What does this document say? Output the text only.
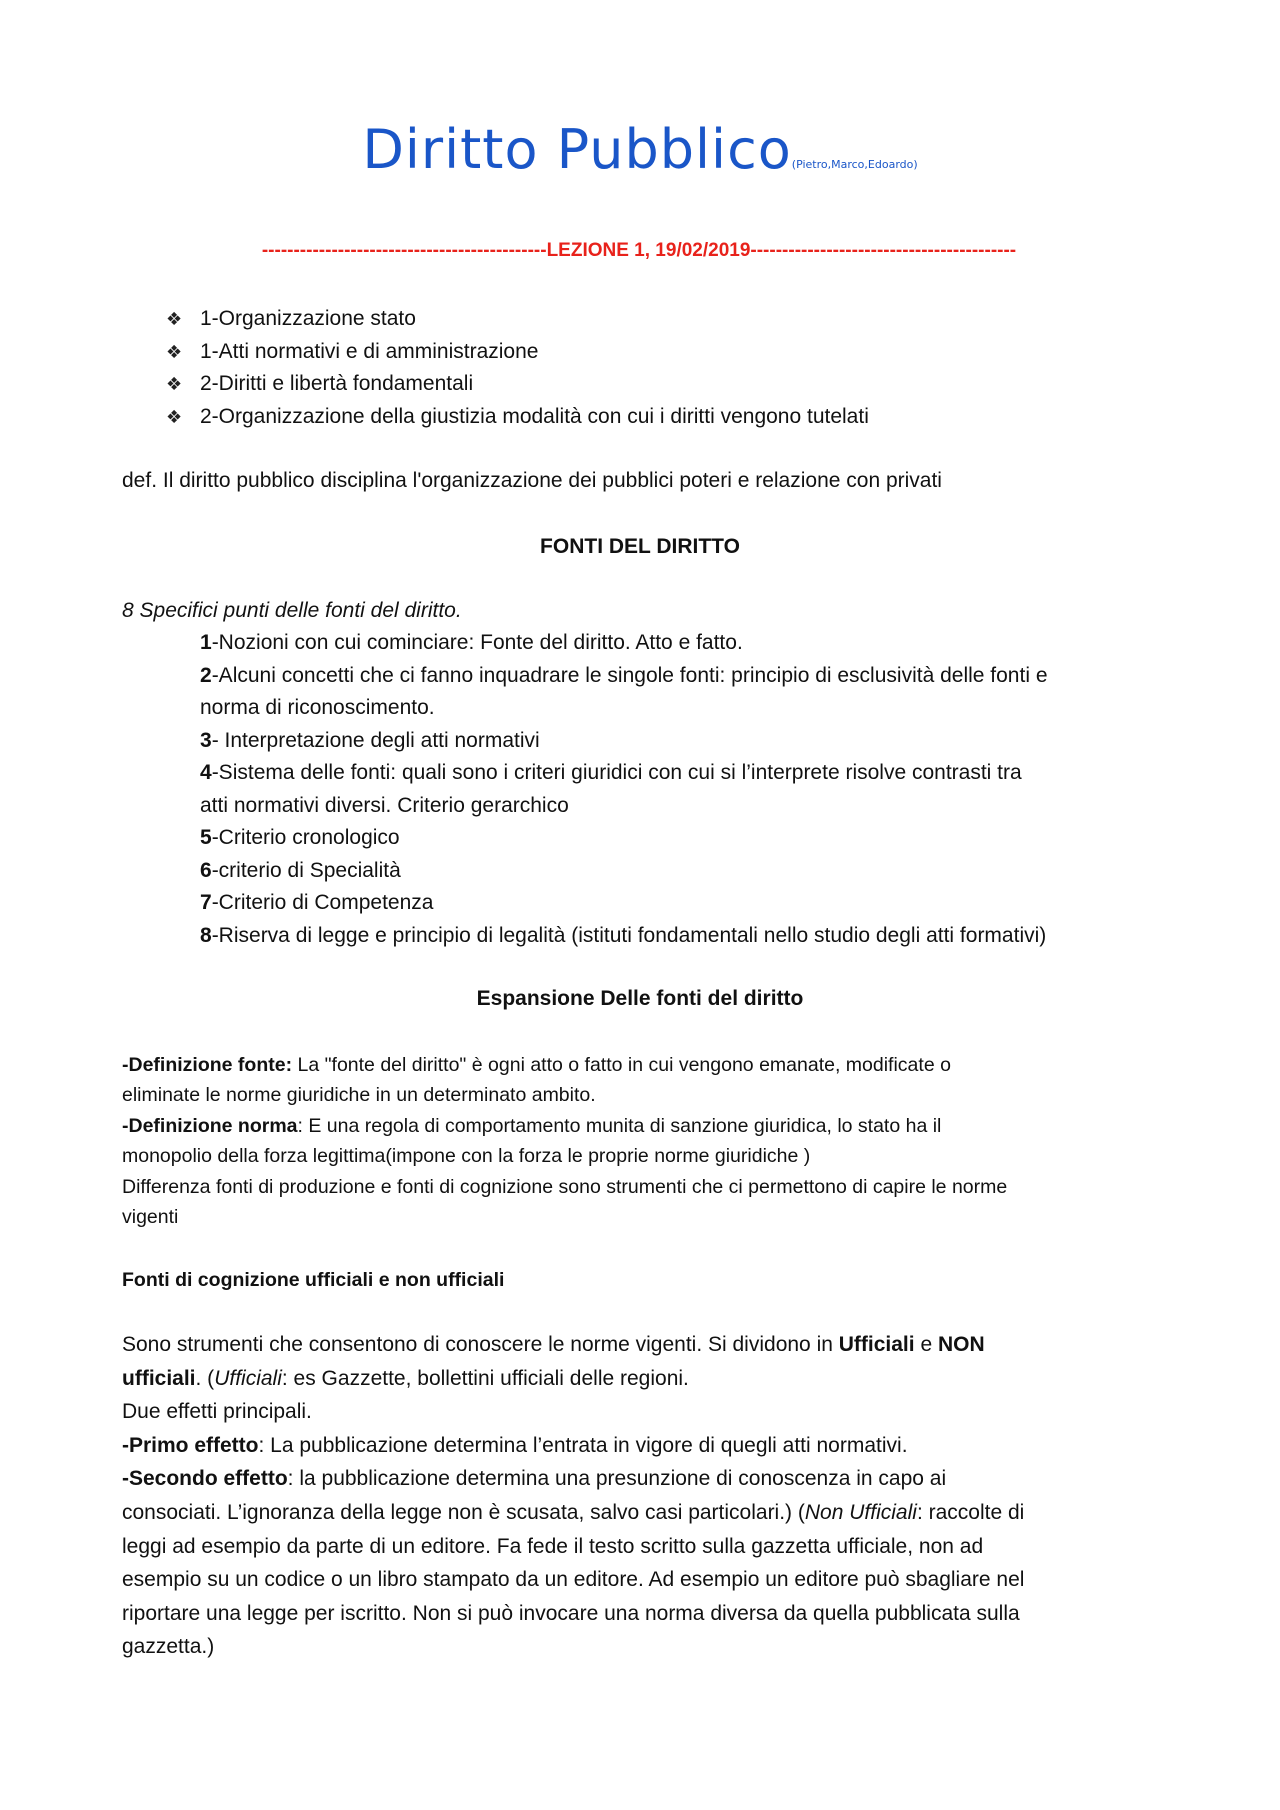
Diritto Pubblico(Pietro,Marco,Edoardo)
---------------------------------------------LEZIONE 1, 19/02/2019------------------------------------------
❖ 1-Organizzazione stato
❖ 1-Atti normativi e di amministrazione
❖ 2-Diritti e libertà fondamentali
❖ 2-Organizzazione della giustizia modalità con cui i diritti vengono tutelati
def. Il diritto pubblico disciplina l'organizzazione dei pubblici poteri e relazione con privati
FONTI DEL DIRITTO
8 Specifici punti delle fonti del diritto.
1-Nozioni con cui cominciare: Fonte del diritto. Atto e fatto.
2-Alcuni concetti che ci fanno inquadrare le singole fonti: principio di esclusività delle fonti e
norma di riconoscimento.
3- Interpretazione degli atti normativi
4-Sistema delle fonti: quali sono i criteri giuridici con cui si l’interprete risolve contrasti tra
atti normativi diversi. Criterio gerarchico
5-Criterio cronologico
6-criterio di Specialità
7-Criterio di Competenza
8-Riserva di legge e principio di legalità (istituti fondamentali nello studio degli atti formativi)
Espansione Delle fonti del diritto
-Definizione fonte: La "fonte del diritto" è ogni atto o fatto in cui vengono emanate, modificate o
eliminate le norme giuridiche in un determinato ambito.
-Definizione norma: E una regola di comportamento munita di sanzione giuridica, lo stato ha il
monopolio della forza legittima(impone con la forza le proprie norme giuridiche )
Differenza fonti di produzione e fonti di cognizione sono strumenti che ci permettono di capire le norme
vigenti
Fonti di cognizione ufficiali e non ufficiali
Sono strumenti che consentono di conoscere le norme vigenti. Si dividono in Ufficiali e NON
ufficiali. (Ufficiali: es Gazzette, bollettini ufficiali delle regioni.
Due effetti principali.
-Primo effetto: La pubblicazione determina l’entrata in vigore di quegli atti normativi.
-Secondo effetto: la pubblicazione determina una presunzione di conoscenza in capo ai
consociati. L’ignoranza della legge non è scusata, salvo casi particolari.) (Non Ufficiali: raccolte di
leggi ad esempio da parte di un editore. Fa fede il testo scritto sulla gazzetta ufficiale, non ad
esempio su un codice o un libro stampato da un editore. Ad esempio un editore può sbagliare nel
riportare una legge per iscritto. Non si può invocare una norma diversa da quella pubblicata sulla
gazzetta.)
